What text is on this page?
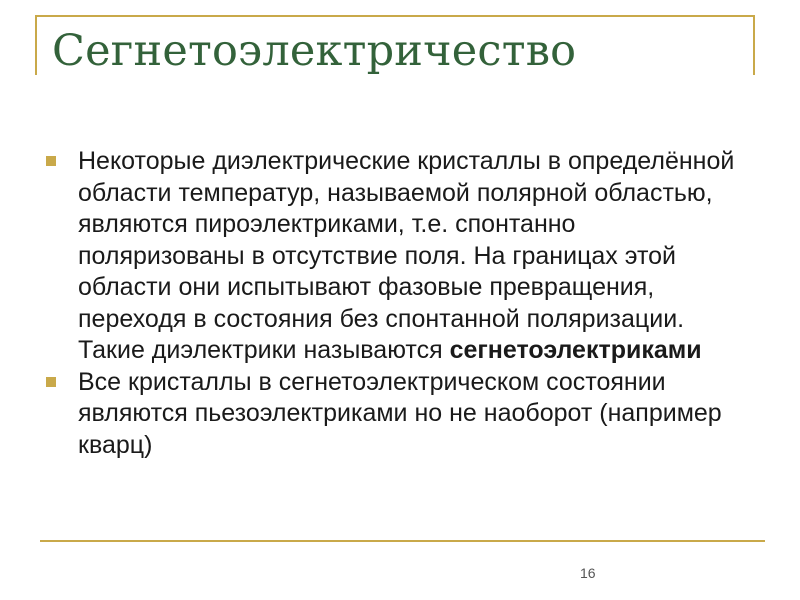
Сегнетоэлектричество
Некоторые диэлектрические кристаллы в определённой области температур, называемой полярной областью, являются пироэлектриками, т.е. спонтанно поляризованы в отсутствие поля. На границах этой области они испытывают фазовые превращения, переходя в состояния без спонтанной поляризации. Такие диэлектрики называются сегнетоэлектриками
Все кристаллы в сегнетоэлектрическом состоянии являются пьезоэлектриками но не наоборот (например кварц)
16
